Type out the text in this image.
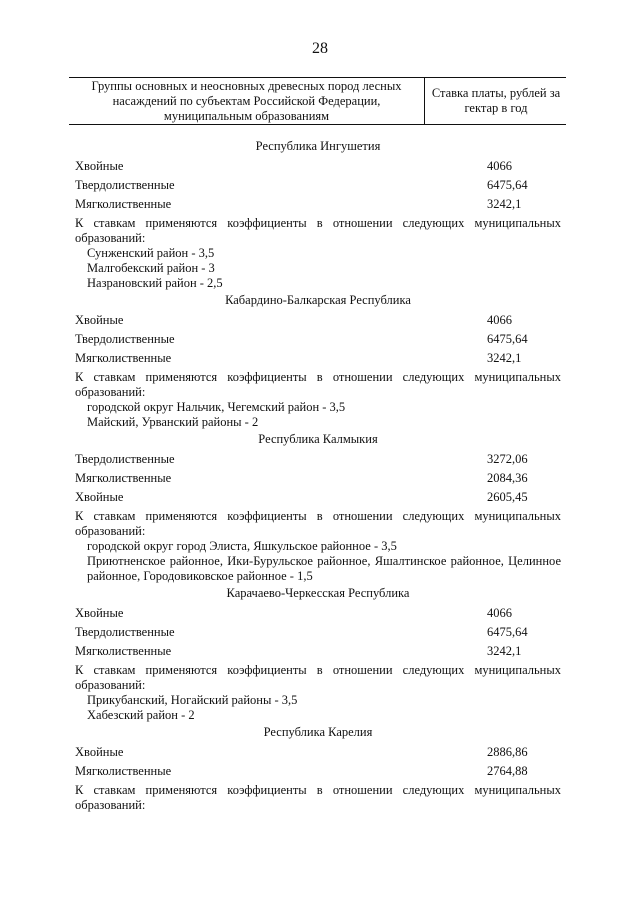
28
Группы основных и неосновных древесных пород лесных насаждений по субъектам Российской Федерации, муниципальным образованиям
Ставка платы, рублей за гектар в год
Республика Ингушетия
Хвойные	4066
Твердолиственные	6475,64
Мягколиственные	3242,1
К ставкам применяются коэффициенты в отношении следующих муниципальных образований:
Сунженский район - 3,5
Малгобекский район - 3
Назрановский район - 2,5
Кабардино-Балкарская Республика
Хвойные	4066
Твердолиственные	6475,64
Мягколиственные	3242,1
К ставкам применяются коэффициенты в отношении следующих муниципальных образований:
городской округ Нальчик, Чегемский район - 3,5
Майский, Урванский районы - 2
Республика Калмыкия
Твердолиственные	3272,06
Мягколиственные	2084,36
Хвойные	2605,45
К ставкам применяются коэффициенты в отношении следующих муниципальных образований:
городской округ город Элиста, Яшкульское районное - 3,5
Приютненское районное, Ики-Бурульское районное, Яшалтинское районное, Целинное районное, Городовиковское районное - 1,5
Карачаево-Черкесская Республика
Хвойные	4066
Твердолиственные	6475,64
Мягколиственные	3242,1
К ставкам применяются коэффициенты в отношении следующих муниципальных образований:
Прикубанский, Ногайский районы - 3,5
Хабезский район - 2
Республика Карелия
Хвойные	2886,86
Мягколиственные	2764,88
К ставкам применяются коэффициенты в отношении следующих муниципальных образований:
